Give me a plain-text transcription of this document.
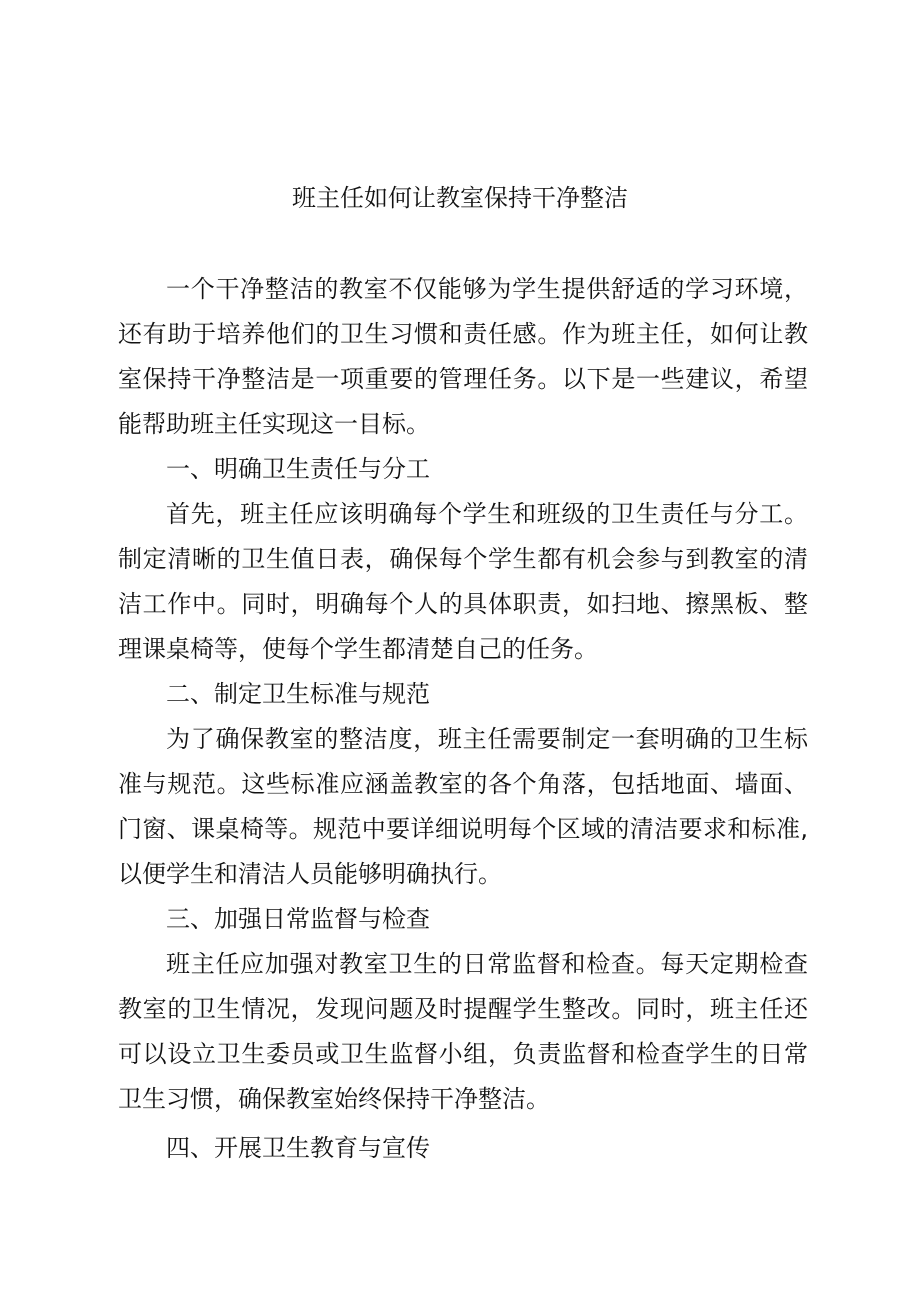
班主任如何让教室保持干净整洁

一个干净整洁的教室不仅能够为学生提供舒适的学习环境，还有助于培养他们的卫生习惯和责任感。作为班主任，如何让教室保持干净整洁是一项重要的管理任务。以下是一些建议，希望能帮助班主任实现这一目标。

一、明确卫生责任与分工

首先，班主任应该明确每个学生和班级的卫生责任与分工。制定清晰的卫生值日表，确保每个学生都有机会参与到教室的清洁工作中。同时，明确每个人的具体职责，如扫地、擦黑板、整理课桌椅等，使每个学生都清楚自己的任务。

二、制定卫生标准与规范

为了确保教室的整洁度，班主任需要制定一套明确的卫生标准与规范。这些标准应涵盖教室的各个角落，包括地面、墙面、门窗、课桌椅等。规范中要详细说明每个区域的清洁要求和标准,以便学生和清洁人员能够明确执行。

三、加强日常监督与检查

班主任应加强对教室卫生的日常监督和检查。每天定期检查教室的卫生情况，发现问题及时提醒学生整改。同时，班主任还可以设立卫生委员或卫生监督小组，负责监督和检查学生的日常卫生习惯，确保教室始终保持干净整洁。

四、开展卫生教育与宣传
